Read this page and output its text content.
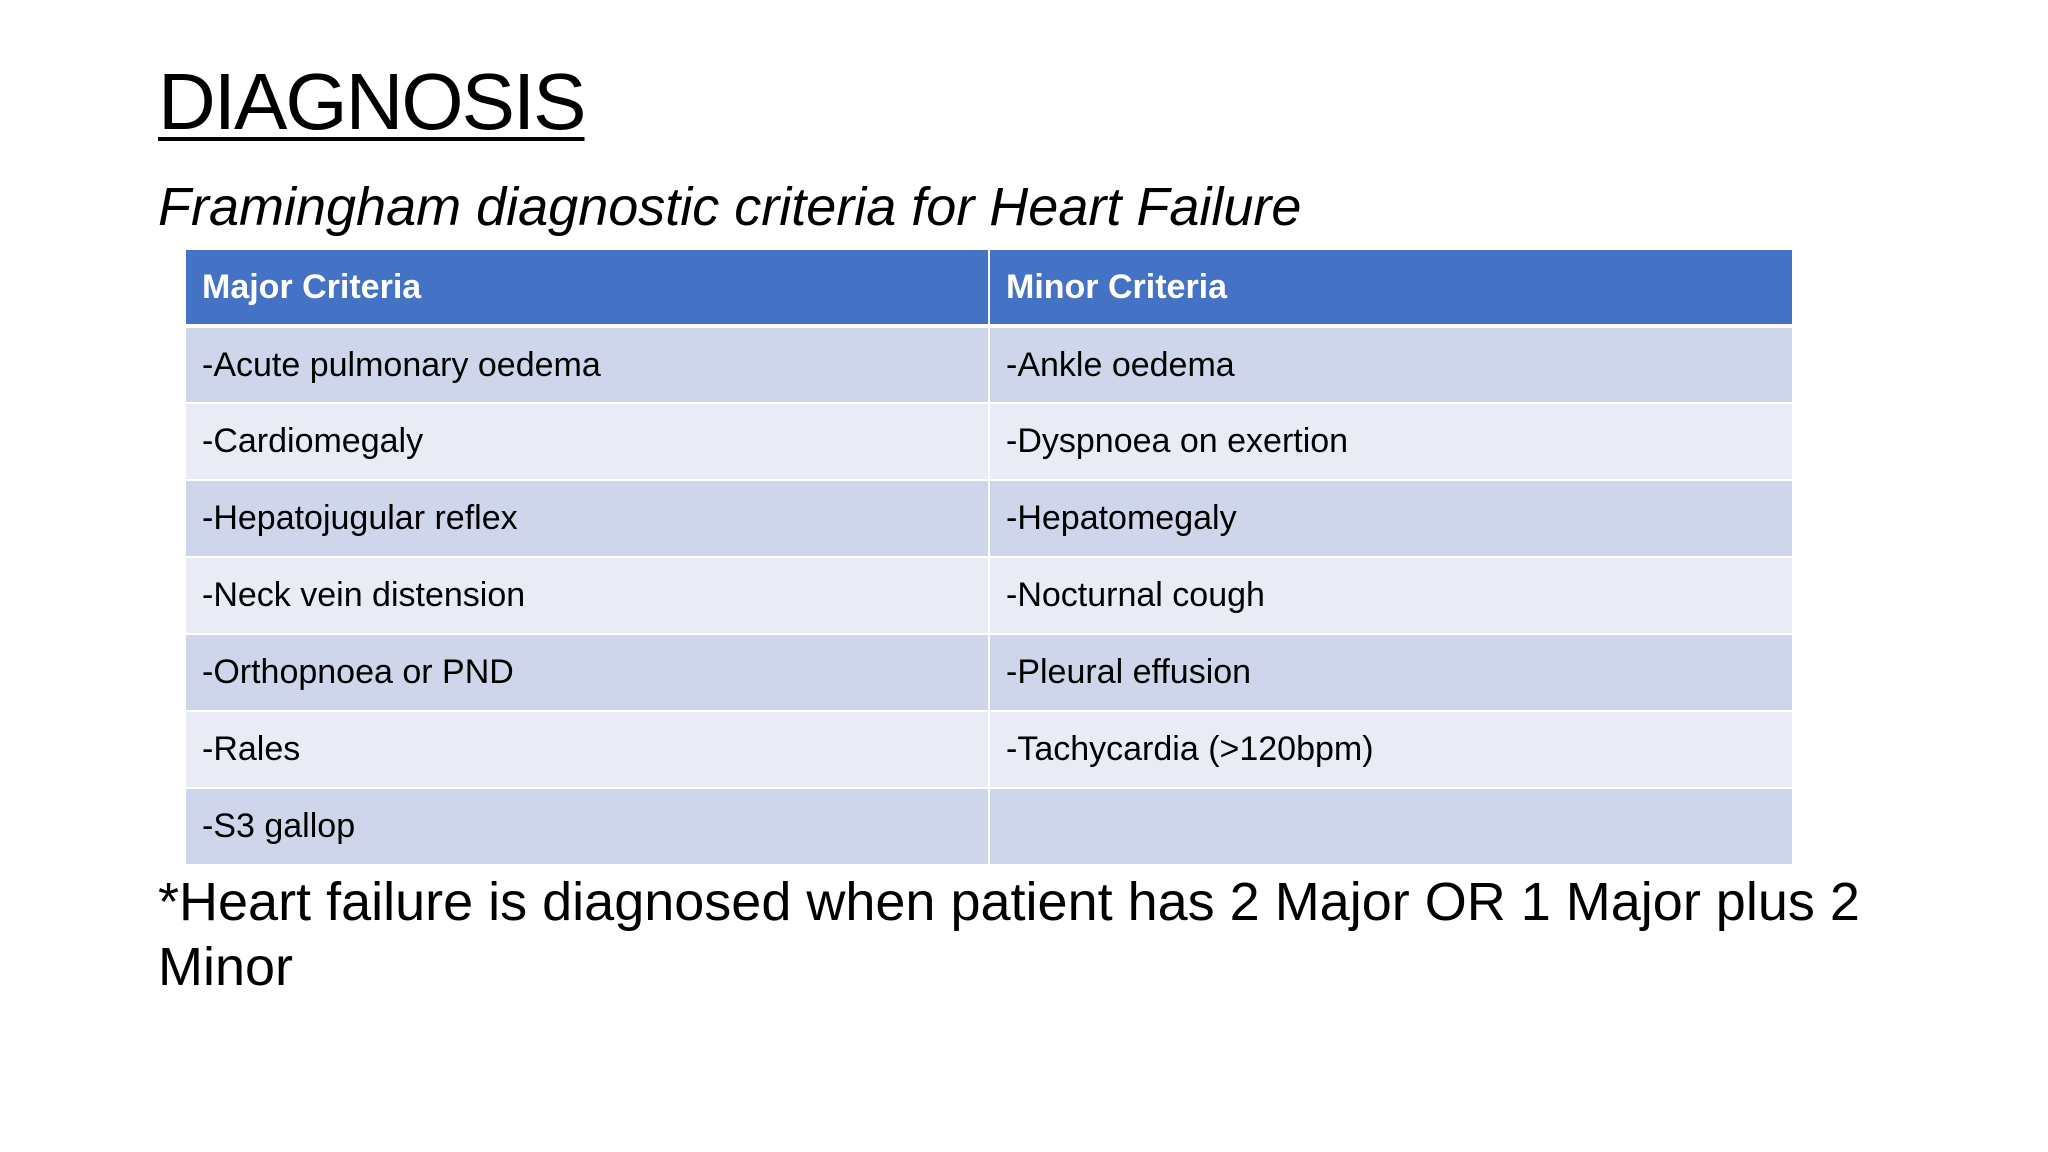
DIAGNOSIS
Framingham diagnostic criteria for Heart Failure
Major Criteria	Minor Criteria
-Acute pulmonary oedema	-Ankle oedema
-Cardiomegaly	-Dyspnoea on exertion
-Hepatojugular reflex	-Hepatomegaly
-Neck vein distension	-Nocturnal cough
-Orthopnoea or PND	-Pleural effusion
-Rales	-Tachycardia (>120bpm)
-S3 gallop	
*Heart failure is diagnosed when patient has 2 Major OR 1 Major plus 2 Minor
